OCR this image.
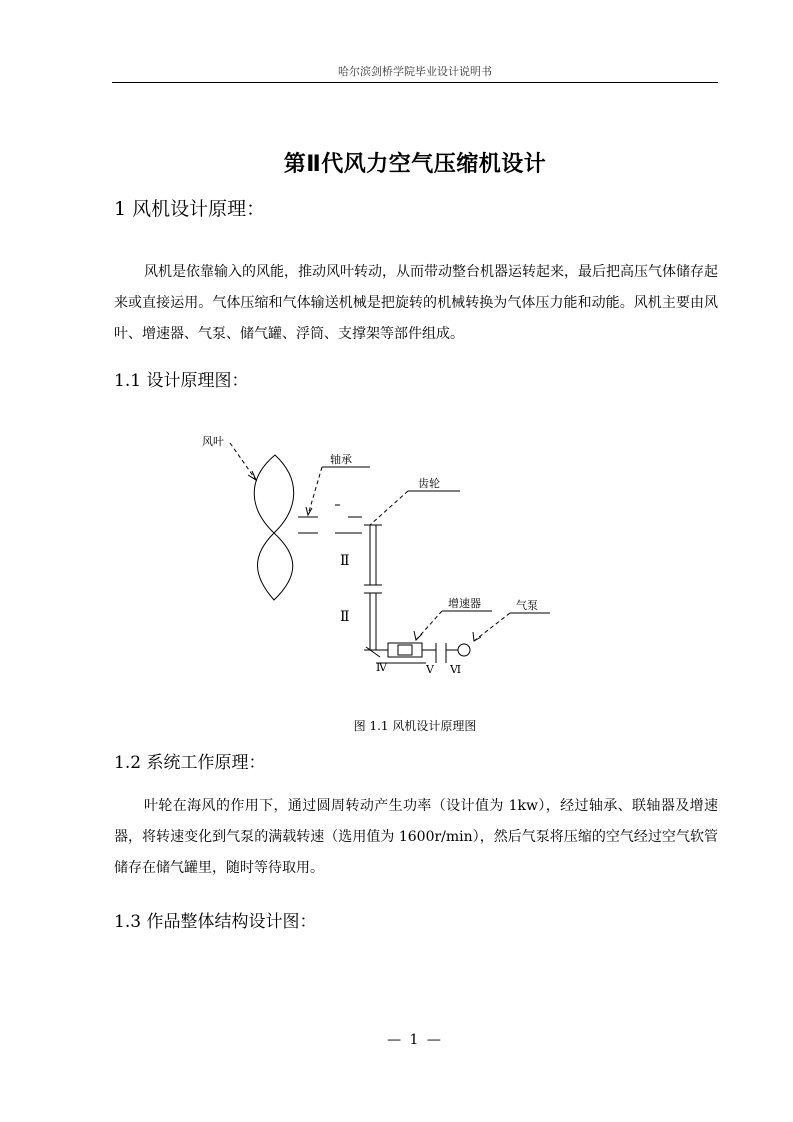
哈尔滨剑桥学院毕业设计说明书
第Ⅱ代风力空气压缩机设计
1 风机设计原理：

风机是依靠输入的风能，推动风叶转动，从而带动整台机器运转起来，最后把高压气体储存起来或直接运用。气体压缩和气体输送机械是把旋转的机械转换为气体压力能和动能。风机主要由风叶、增速器、气泵、储气罐、浮筒、支撑架等部件组成。

1.1 设计原理图：
风叶
轴承
齿轮
增速器	气泵
Ⅱ
Ⅱ
Ⅳ	V Ⅵ
图 1.1 风机设计原理图
1.2 系统工作原理：

叶轮在海风的作用下，通过圆周转动产生功率（设计值为 1kw），经过轴承、联轴器及增速器，将转速变化到气泵的满载转速（选用值为 1600r/min），然后气泵将压缩的空气经过空气软管储存在储气罐里，随时等待取用。

1.3 作品整体结构设计图：
— 1 —
